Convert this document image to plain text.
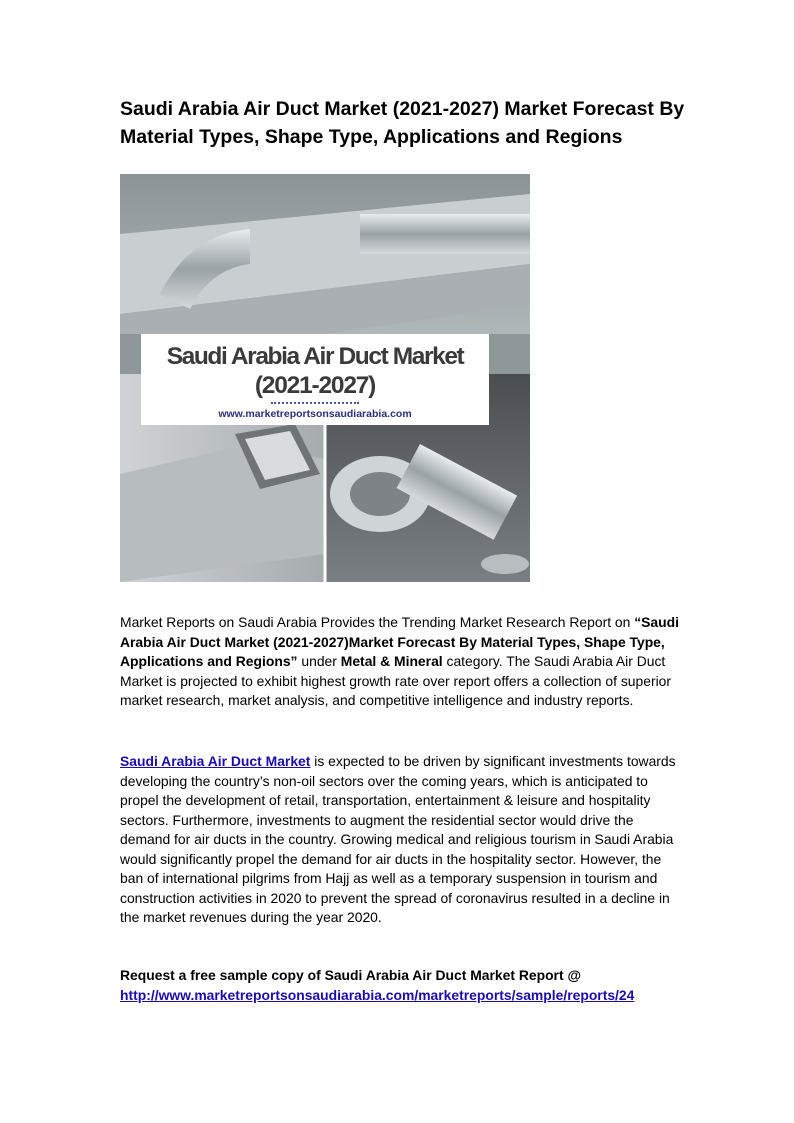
Saudi Arabia Air Duct Market (2021-2027) Market Forecast By Material Types, Shape Type, Applications and Regions
Saudi Arabia Air Duct Market
(2021-2027)
www.marketreportsonsaudiarabia.com

Market Reports on Saudi Arabia Provides the Trending Market Research Report on “Saudi Arabia Air Duct Market (2021-2027)Market Forecast By Material Types, Shape Type, Applications and Regions” under Metal & Mineral category. The Saudi Arabia Air Duct Market is projected to exhibit highest growth rate over report offers a collection of superior market research, market analysis, and competitive intelligence and industry reports.

Saudi Arabia Air Duct Market is expected to be driven by significant investments towards developing the country’s non-oil sectors over the coming years, which is anticipated to propel the development of retail, transportation, entertainment & leisure and hospitality sectors. Furthermore, investments to augment the residential sector would drive the demand for air ducts in the country. Growing medical and religious tourism in Saudi Arabia would significantly propel the demand for air ducts in the hospitality sector. However, the ban of international pilgrims from Hajj as well as a temporary suspension in tourism and construction activities in 2020 to prevent the spread of coronavirus resulted in a decline in the market revenues during the year 2020.

Request a free sample copy of Saudi Arabia Air Duct Market Report @
http://www.marketreportsonsaudiarabia.com/marketreports/sample/reports/24
